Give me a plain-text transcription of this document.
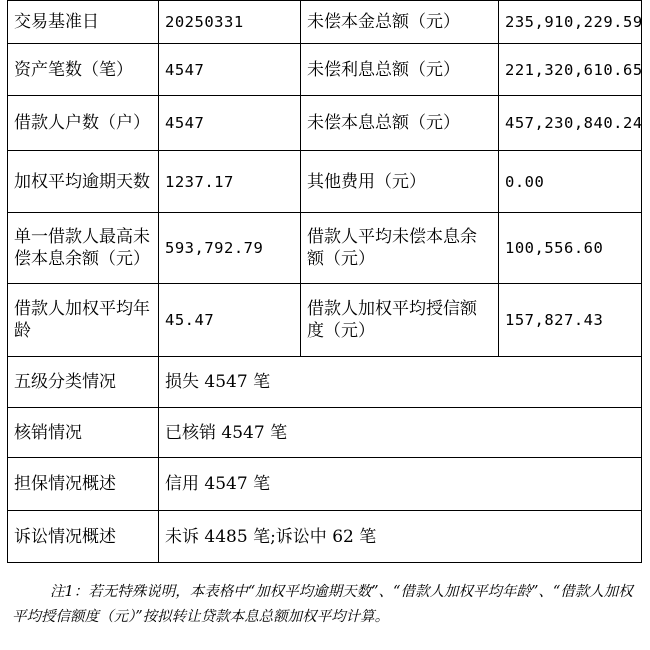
交易基准日	20250331	未偿本金总额（元）	235,910,229.59
资产笔数（笔）	4547	未偿利息总额（元）	221,320,610.65
借款人户数（户）	4547	未偿本息总额（元）	457,230,840.24
加权平均逾期天数	1237.17	其他费用（元）	0.00
单一借款人最高未偿本息余额（元）	593,792.79	借款人平均未偿本息余额（元）	100,556.60
借款人加权平均年龄	45.47	借款人加权平均授信额度（元）	157,827.43
五级分类情况	损失 4547 笔		
核销情况	已核销 4547 笔		
担保情况概述	信用 4547 笔		
诉讼情况概述	未诉 4485 笔;诉讼中 62 笔		
注1：若无特殊说明，本表格中“加权平均逾期天数”、“借款人加权平均年龄”、“借款人加权平均授信额度（元）”按拟转让贷款本息总额加权平均计算。
